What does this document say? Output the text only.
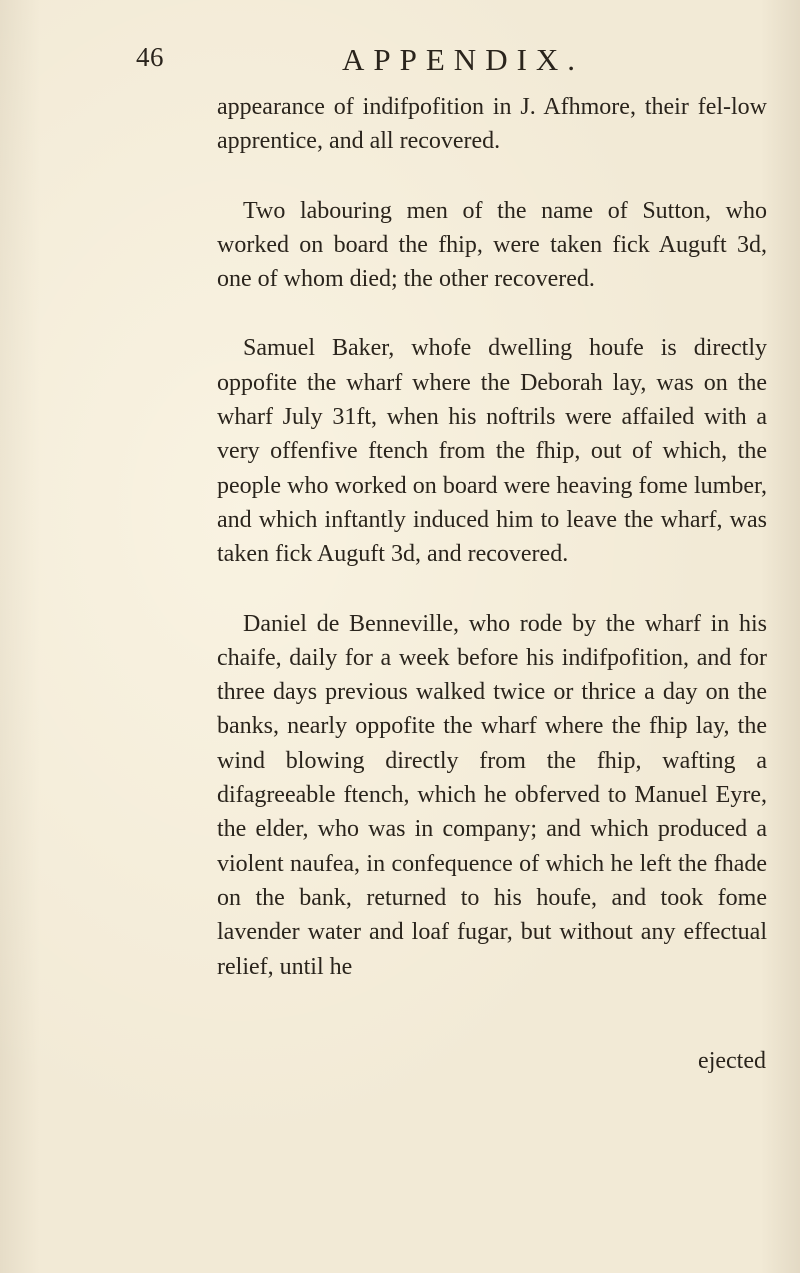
46	APPENDIX.

appearance of indifpofition in J. Afhmore, their fel-low apprentice, and all recovered.

Two labouring men of the name of Sutton, who worked on board the fhip, were taken fick Auguft 3d, one of whom died; the other recovered.

Samuel Baker, whofe dwelling houfe is directly oppofite the wharf where the Deborah lay, was on the wharf July 31ft, when his noftrils were affailed with a very offenfive ftench from the fhip, out of which, the people who worked on board were heaving fome lumber, and which inftantly induced him to leave the wharf, was taken fick Auguft 3d, and recovered.

Daniel de Benneville, who rode by the wharf in his chaife, daily for a week before his indifpofition, and for three days previous walked twice or thrice a day on the banks, nearly oppofite the wharf where the fhip lay, the wind blowing directly from the fhip, wafting a difagreeable ftench, which he obferved to Manuel Eyre, the elder, who was in company; and which produced a violent naufea, in confequence of which he left the fhade on the bank, returned to his houfe, and took fome lavender water and loaf fugar, but without any effectual relief, until he

ejected
